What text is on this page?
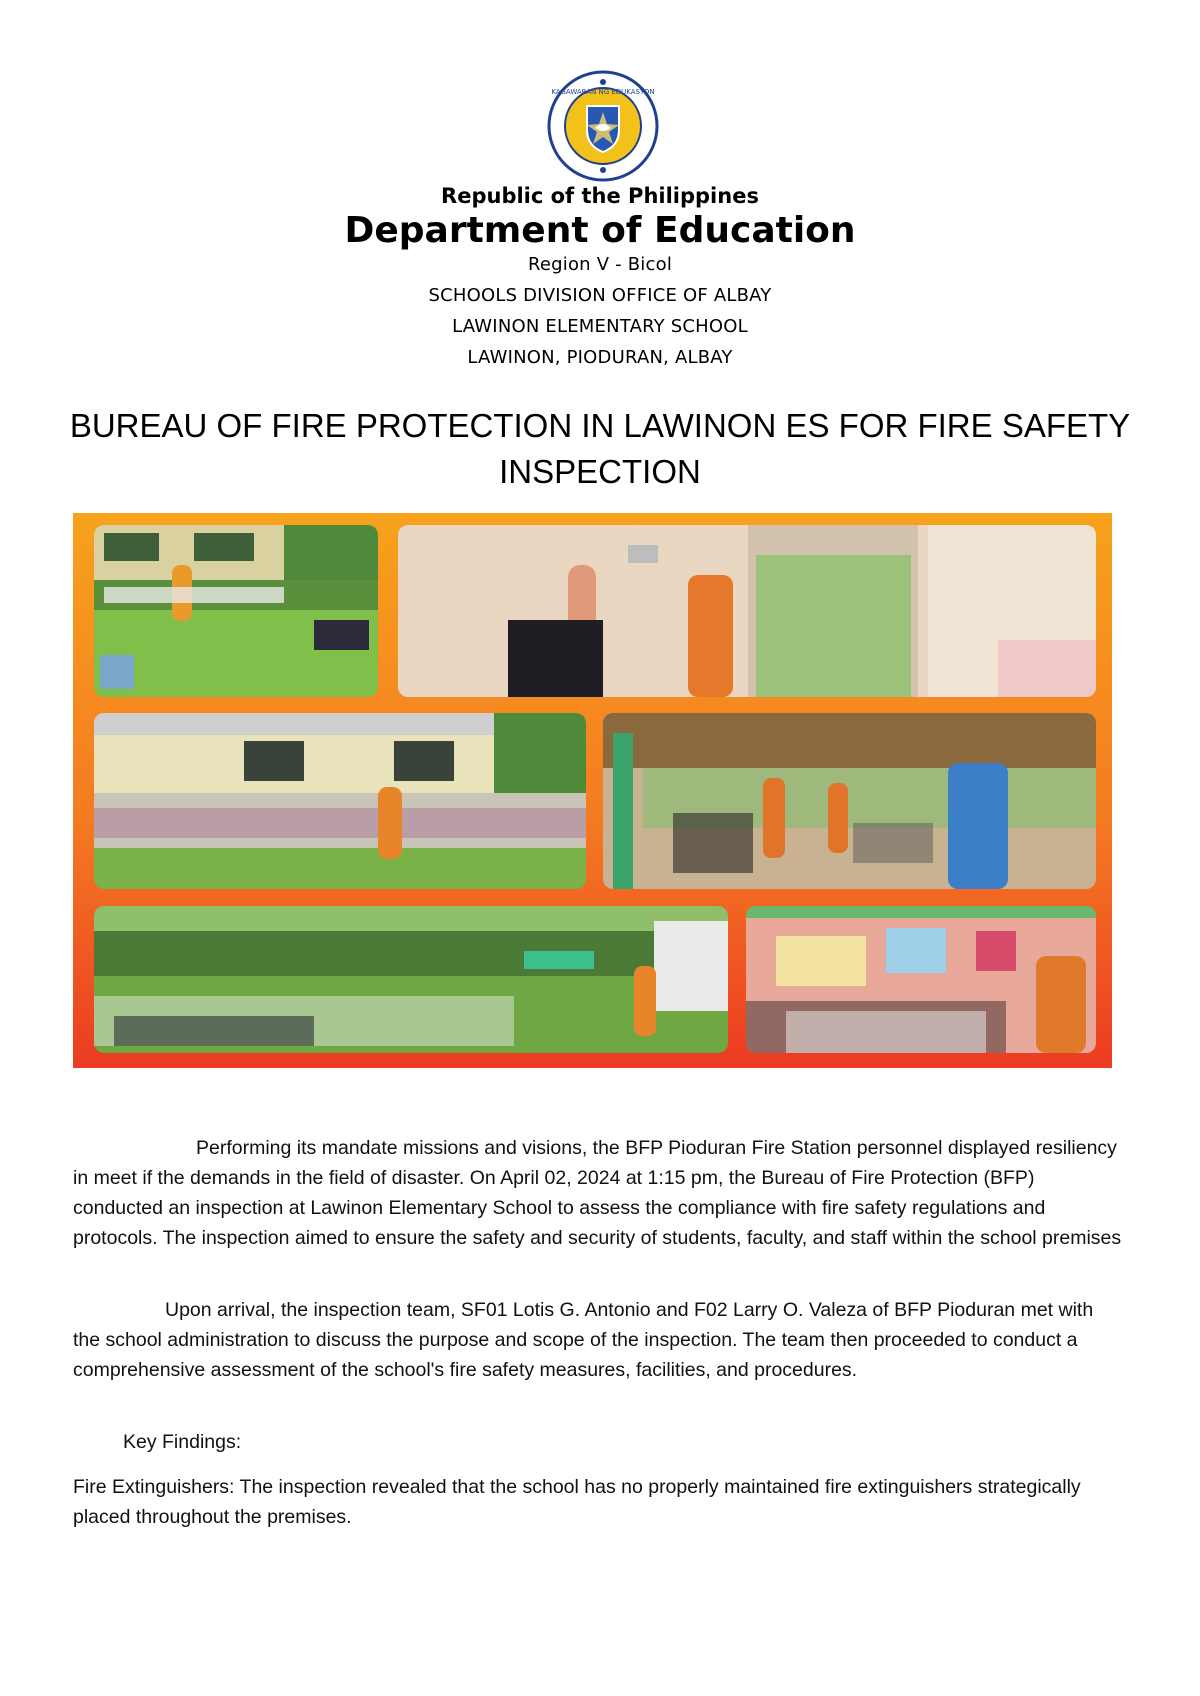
KAGAWARAN NG EDUKASYON
Republic of the Philippines
Department of Education
Region V - Bicol
SCHOOLS DIVISION OFFICE OF ALBAY
LAWINON ELEMENTARY SCHOOL
LAWINON, PIODURAN, ALBAY
BUREAU OF FIRE PROTECTION IN LAWINON ES FOR FIRE SAFETY INSPECTION
Performing its mandate missions and visions, the BFP Pioduran Fire Station personnel displayed resiliency in meet if the demands in the field of disaster. On April 02, 2024 at 1:15 pm, the Bureau of Fire Protection (BFP) conducted an inspection at Lawinon Elementary School to assess the compliance with fire safety regulations and protocols. The inspection aimed to ensure the safety and security of students, faculty, and staff within the school premises
Upon arrival, the inspection team, SF01 Lotis G. Antonio and F02 Larry O. Valeza of BFP Pioduran met with the school administration to discuss the purpose and scope of the inspection. The team then proceeded to conduct a comprehensive assessment of the school's fire safety measures, facilities, and procedures.
Key Findings:
Fire Extinguishers: The inspection revealed that the school has no properly maintained fire extinguishers strategically placed throughout the premises.
